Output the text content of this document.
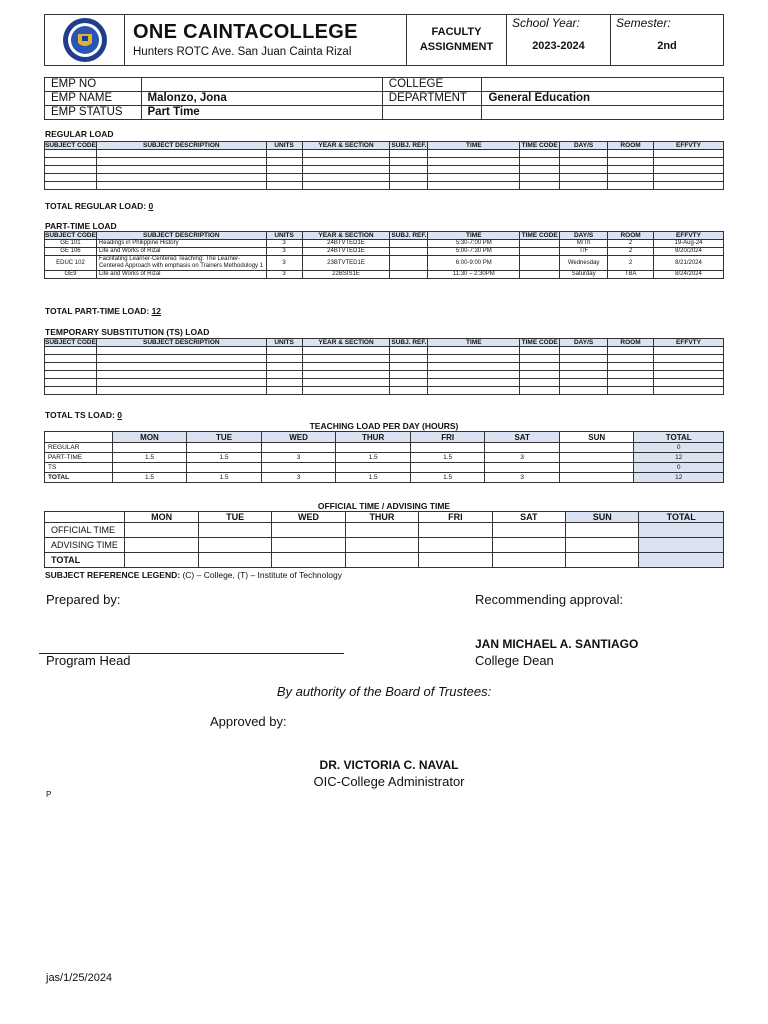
ONE CAINTACOLLEGE
Hunters ROTC Ave. San Juan Cainta Rizal
FACULTY
ASSIGNMENT
School Year:
2023-2024
Semester:
2nd
EMP NO		COLLEGE	
EMP NAME	Malonzo, Jona	DEPARTMENT	General Education
EMP STATUS	Part Time		
REGULAR LOAD
SUBJECT CODE	SUBJECT DESCRIPTION	UNITS	YEAR & SECTION	SUBJ. REF.	TIME	TIME CODE	DAY/S	ROOM	EFFVTY

TOTAL REGULAR LOAD: 0
PART-TIME LOAD
SUBJECT CODE	SUBJECT DESCRIPTION	UNITS	YEAR & SECTION	SUBJ. REF.	TIME	TIME CODE	DAY/S	ROOM	EFFVTY
GE 101	Readings in Philippine History	3	24BTVTED1E		5:30-7:00 PM		M/Th	2	19-Aug-24
GE 106	Life and Works of Rizal	3	24BTVTED1E		5:00-7:30 PM		T/F	2	8/20/2024
EDUC 102	Facilitating Learner-Centered Teaching: The Learner-Centered Approach with emphasis on Trainers Methodology 1	3	23BTVTED1E		6:00-9:00 PM		Wednesday	2	8/21/2024
GE9	Life and Works of Rizal	3	22BSIS1E		11:30 – 2:30PM		Saturday	TBA	8/24/2024
TOTAL PART-TIME LOAD: 12
TEMPORARY SUBSTITUTION (TS) LOAD
SUBJECT CODE	SUBJECT DESCRIPTION	UNITS	YEAR & SECTION	SUBJ. REF.	TIME	TIME CODE	DAY/S	ROOM	EFFVTY

TOTAL TS LOAD: 0
TEACHING LOAD PER DAY (HOURS)
	MON	TUE	WED	THUR	FRI	SAT	SUN	TOTAL
REGULAR								0
PART-TIME	1.5	1.5	3	1.5	1.5	3		12
TS								0
TOTAL	1.5	1.5	3	1.5	1.5	3		12
OFFICIAL TIME / ADVISING TIME
	MON	TUE	WED	THUR	FRI	SAT	SUN	TOTAL
OFFICIAL TIME								
ADVISING TIME								
TOTAL								
SUBJECT REFERENCE LEGEND: (C) – College, (T) – Institute of Technology
Prepared by:	Recommending approval:
JAN MICHAEL A. SANTIAGO
Program Head	College Dean
By authority of the Board of Trustees:
Approved by:
DR. VICTORIA C. NAVAL
OIC-College Administrator
P
jas/1/25/2024
